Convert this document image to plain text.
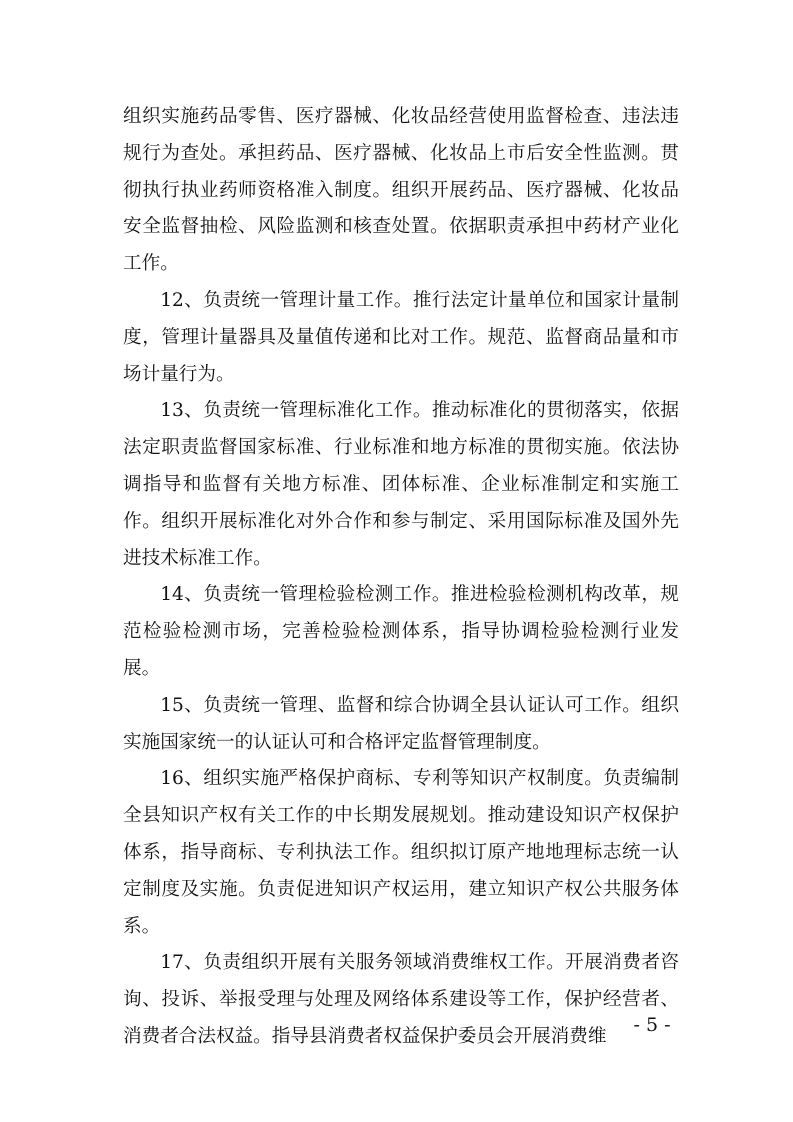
组织实施药品零售、医疗器械、化妆品经营使用监督检查、违法违规行为查处。承担药品、医疗器械、化妆品上市后安全性监测。贯彻执行执业药师资格准入制度。组织开展药品、医疗器械、化妆品安全监督抽检、风险监测和核查处置。依据职责承担中药材产业化工作。

12、负责统一管理计量工作。推行法定计量单位和国家计量制度，管理计量器具及量值传递和比对工作。规范、监督商品量和市场计量行为。

13、负责统一管理标准化工作。推动标准化的贯彻落实，依据法定职责监督国家标准、行业标准和地方标准的贯彻实施。依法协调指导和监督有关地方标准、团体标准、企业标准制定和实施工作。组织开展标准化对外合作和参与制定、采用国际标准及国外先进技术标准工作。

14、负责统一管理检验检测工作。推进检验检测机构改革，规范检验检测市场，完善检验检测体系，指导协调检验检测行业发展。

15、负责统一管理、监督和综合协调全县认证认可工作。组织实施国家统一的认证认可和合格评定监督管理制度。

16、组织实施严格保护商标、专利等知识产权制度。负责编制全县知识产权有关工作的中长期发展规划。推动建设知识产权保护体系，指导商标、专利执法工作。组织拟订原产地地理标志统一认定制度及实施。负责促进知识产权运用，建立知识产权公共服务体系。

17、负责组织开展有关服务领域消费维权工作。开展消费者咨询、投诉、举报受理与处理及网络体系建设等工作，保护经营者、消费者合法权益。指导县消费者权益保护委员会开展消费维

- 5 -
